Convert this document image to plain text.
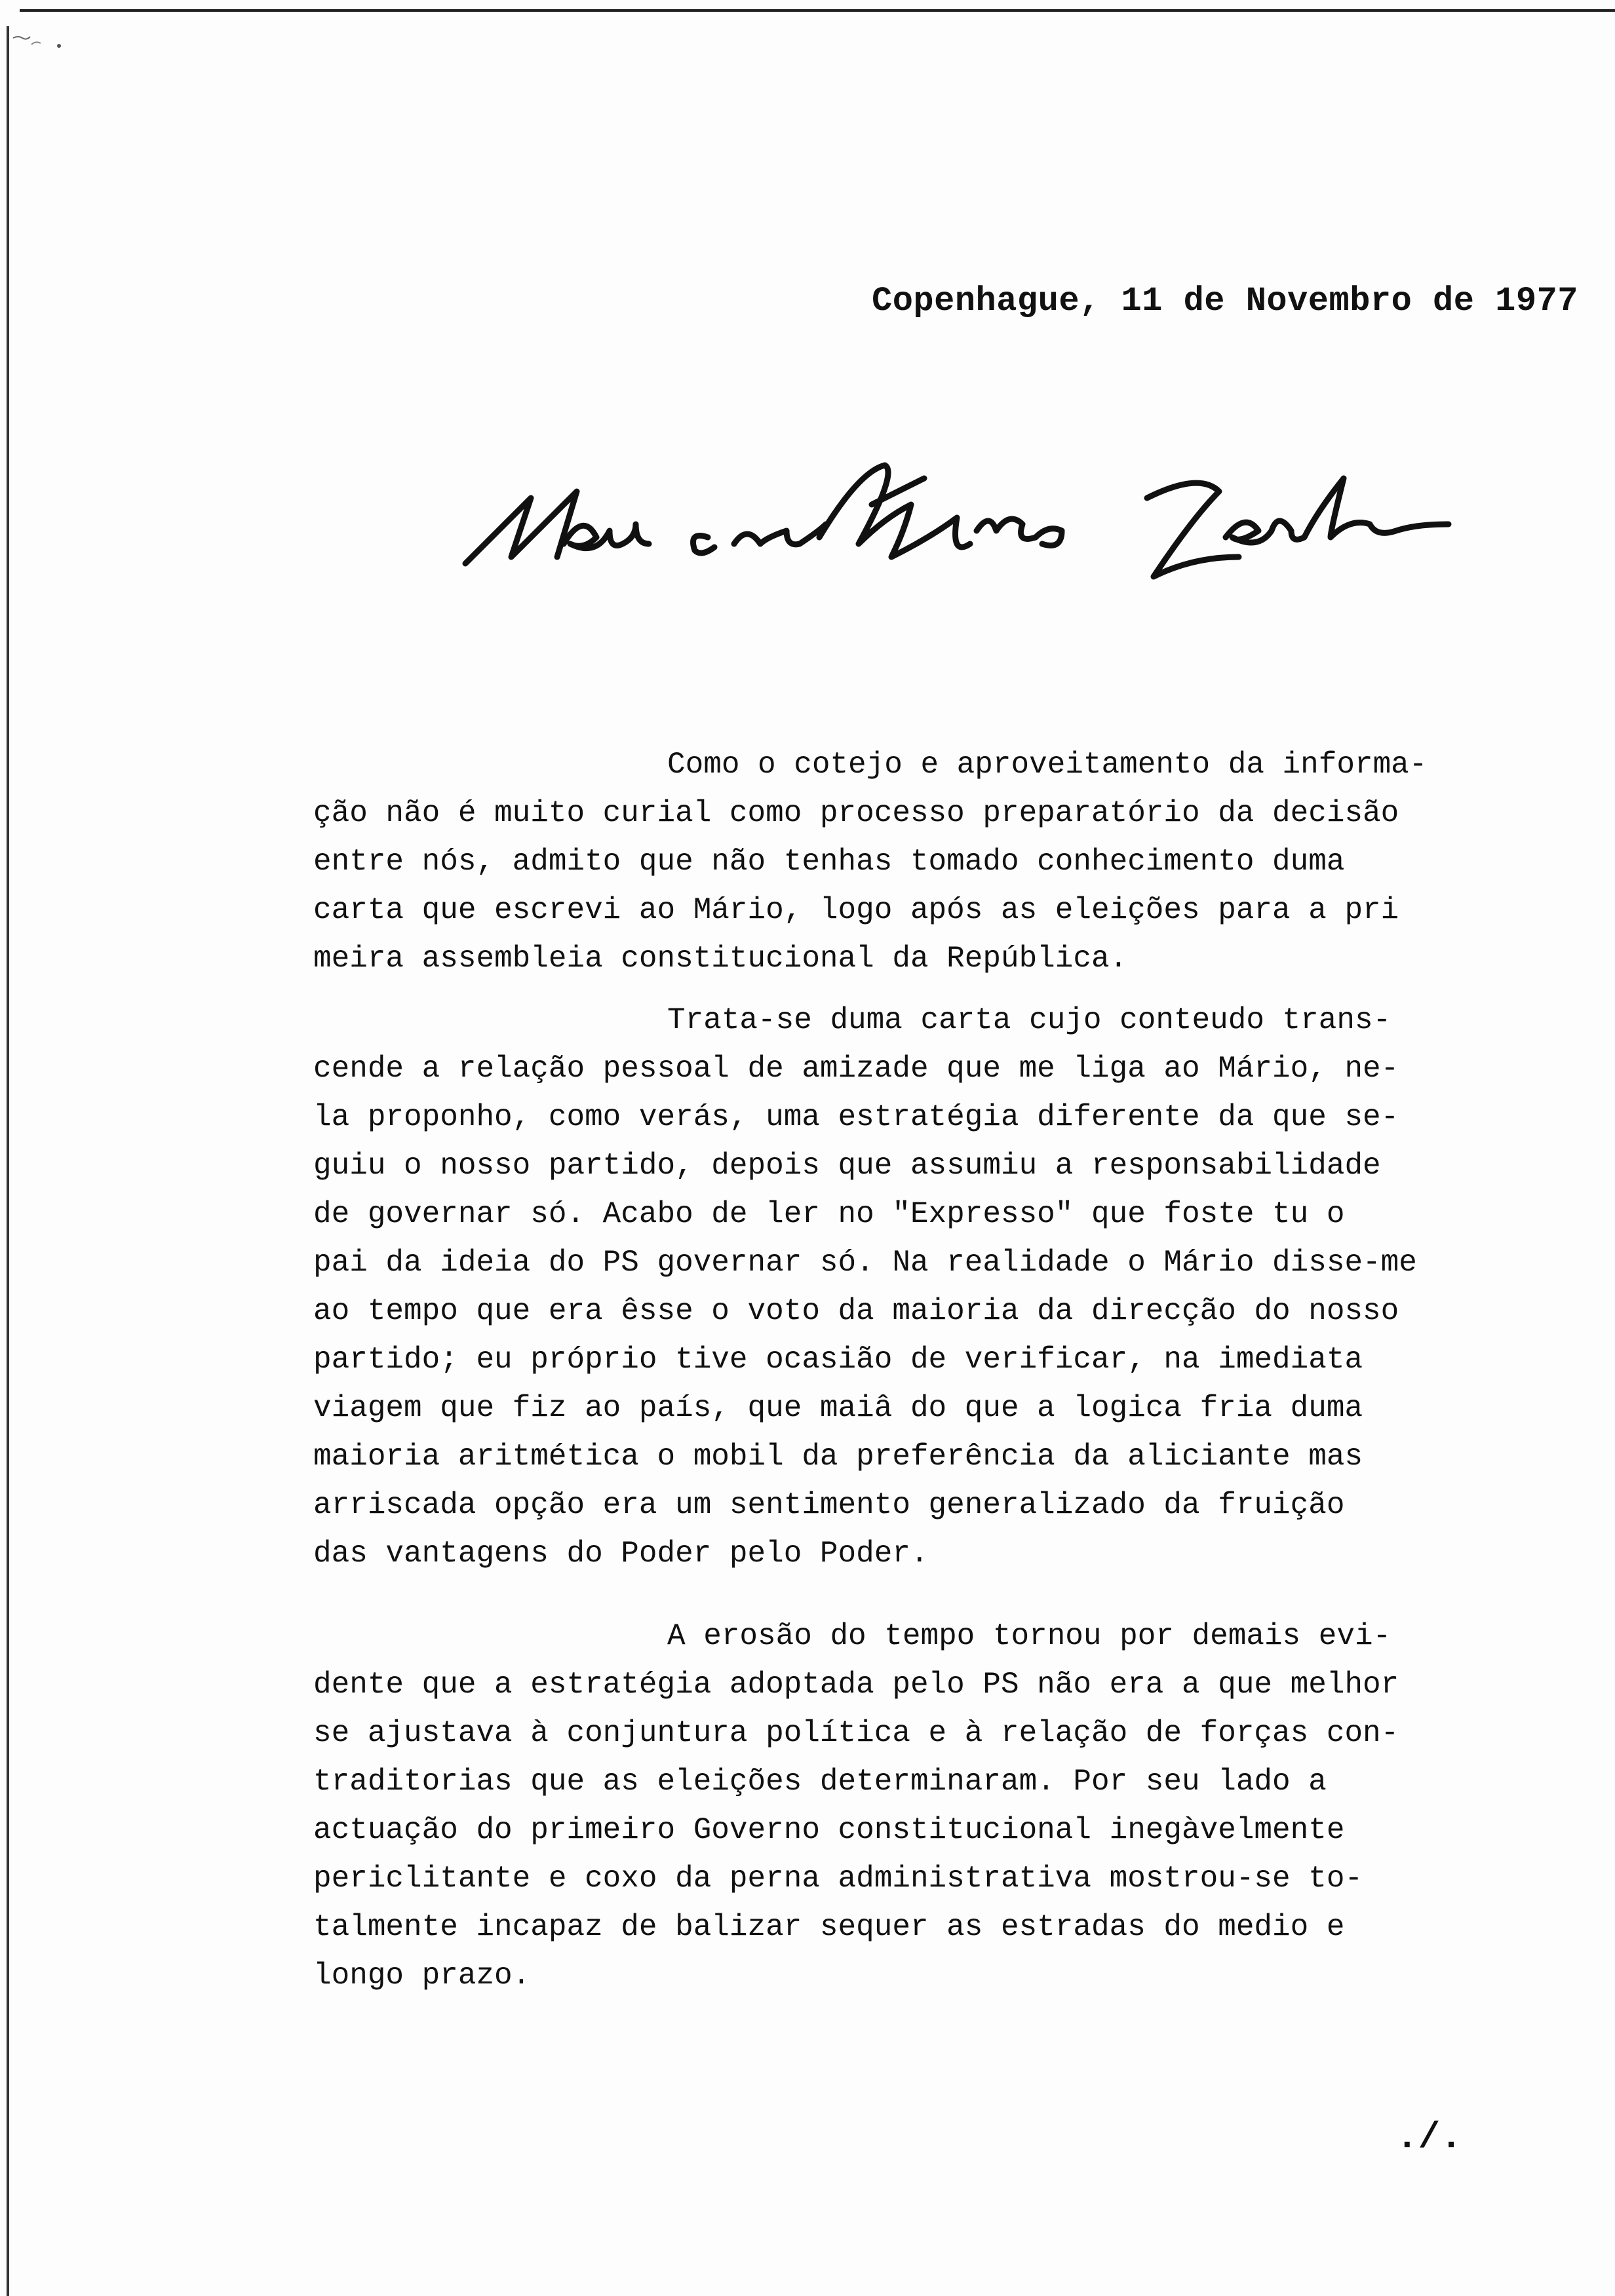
Copenhague, 11 de Novembro de 1977
Como o cotejo e aproveitamento da informa-
ção não é muito curial como processo preparatório da decisão
entre nós, admito que não tenhas tomado conhecimento duma
carta que escrevi ao Mário, logo após as eleições para a pri
meira assembleia constitucional da República.
Trata-se duma carta cujo conteudo trans-
cende a relação pessoal de amizade que me liga ao Mário, ne-
la proponho, como verás, uma estratégia diferente da que se-
guiu o nosso partido, depois que assumiu a responsabilidade
de governar só. Acabo de ler no "Expresso" que foste tu o
pai da ideia do PS governar só. Na realidade o Mário disse-me
ao tempo que era êsse o voto da maioria da direcção do nosso
partido; eu próprio tive ocasião de verificar, na imediata
viagem que fiz ao país, que maiâ do que a logica fria duma
maioria aritmética o mobil da preferência da aliciante mas
arriscada opção era um sentimento generalizado da fruição
das vantagens do Poder pelo Poder.
A erosão do tempo tornou por demais evi-
dente que a estratégia adoptada pelo PS não era a que melhor
se ajustava à conjuntura política e à relação de forças con-
traditorias que as eleições determinaram. Por seu lado a
actuação do primeiro Governo constitucional inegàvelmente
periclitante e coxo da perna administrativa mostrou-se to-
talmente incapaz de balizar sequer as estradas do medio e
longo prazo.
./.
